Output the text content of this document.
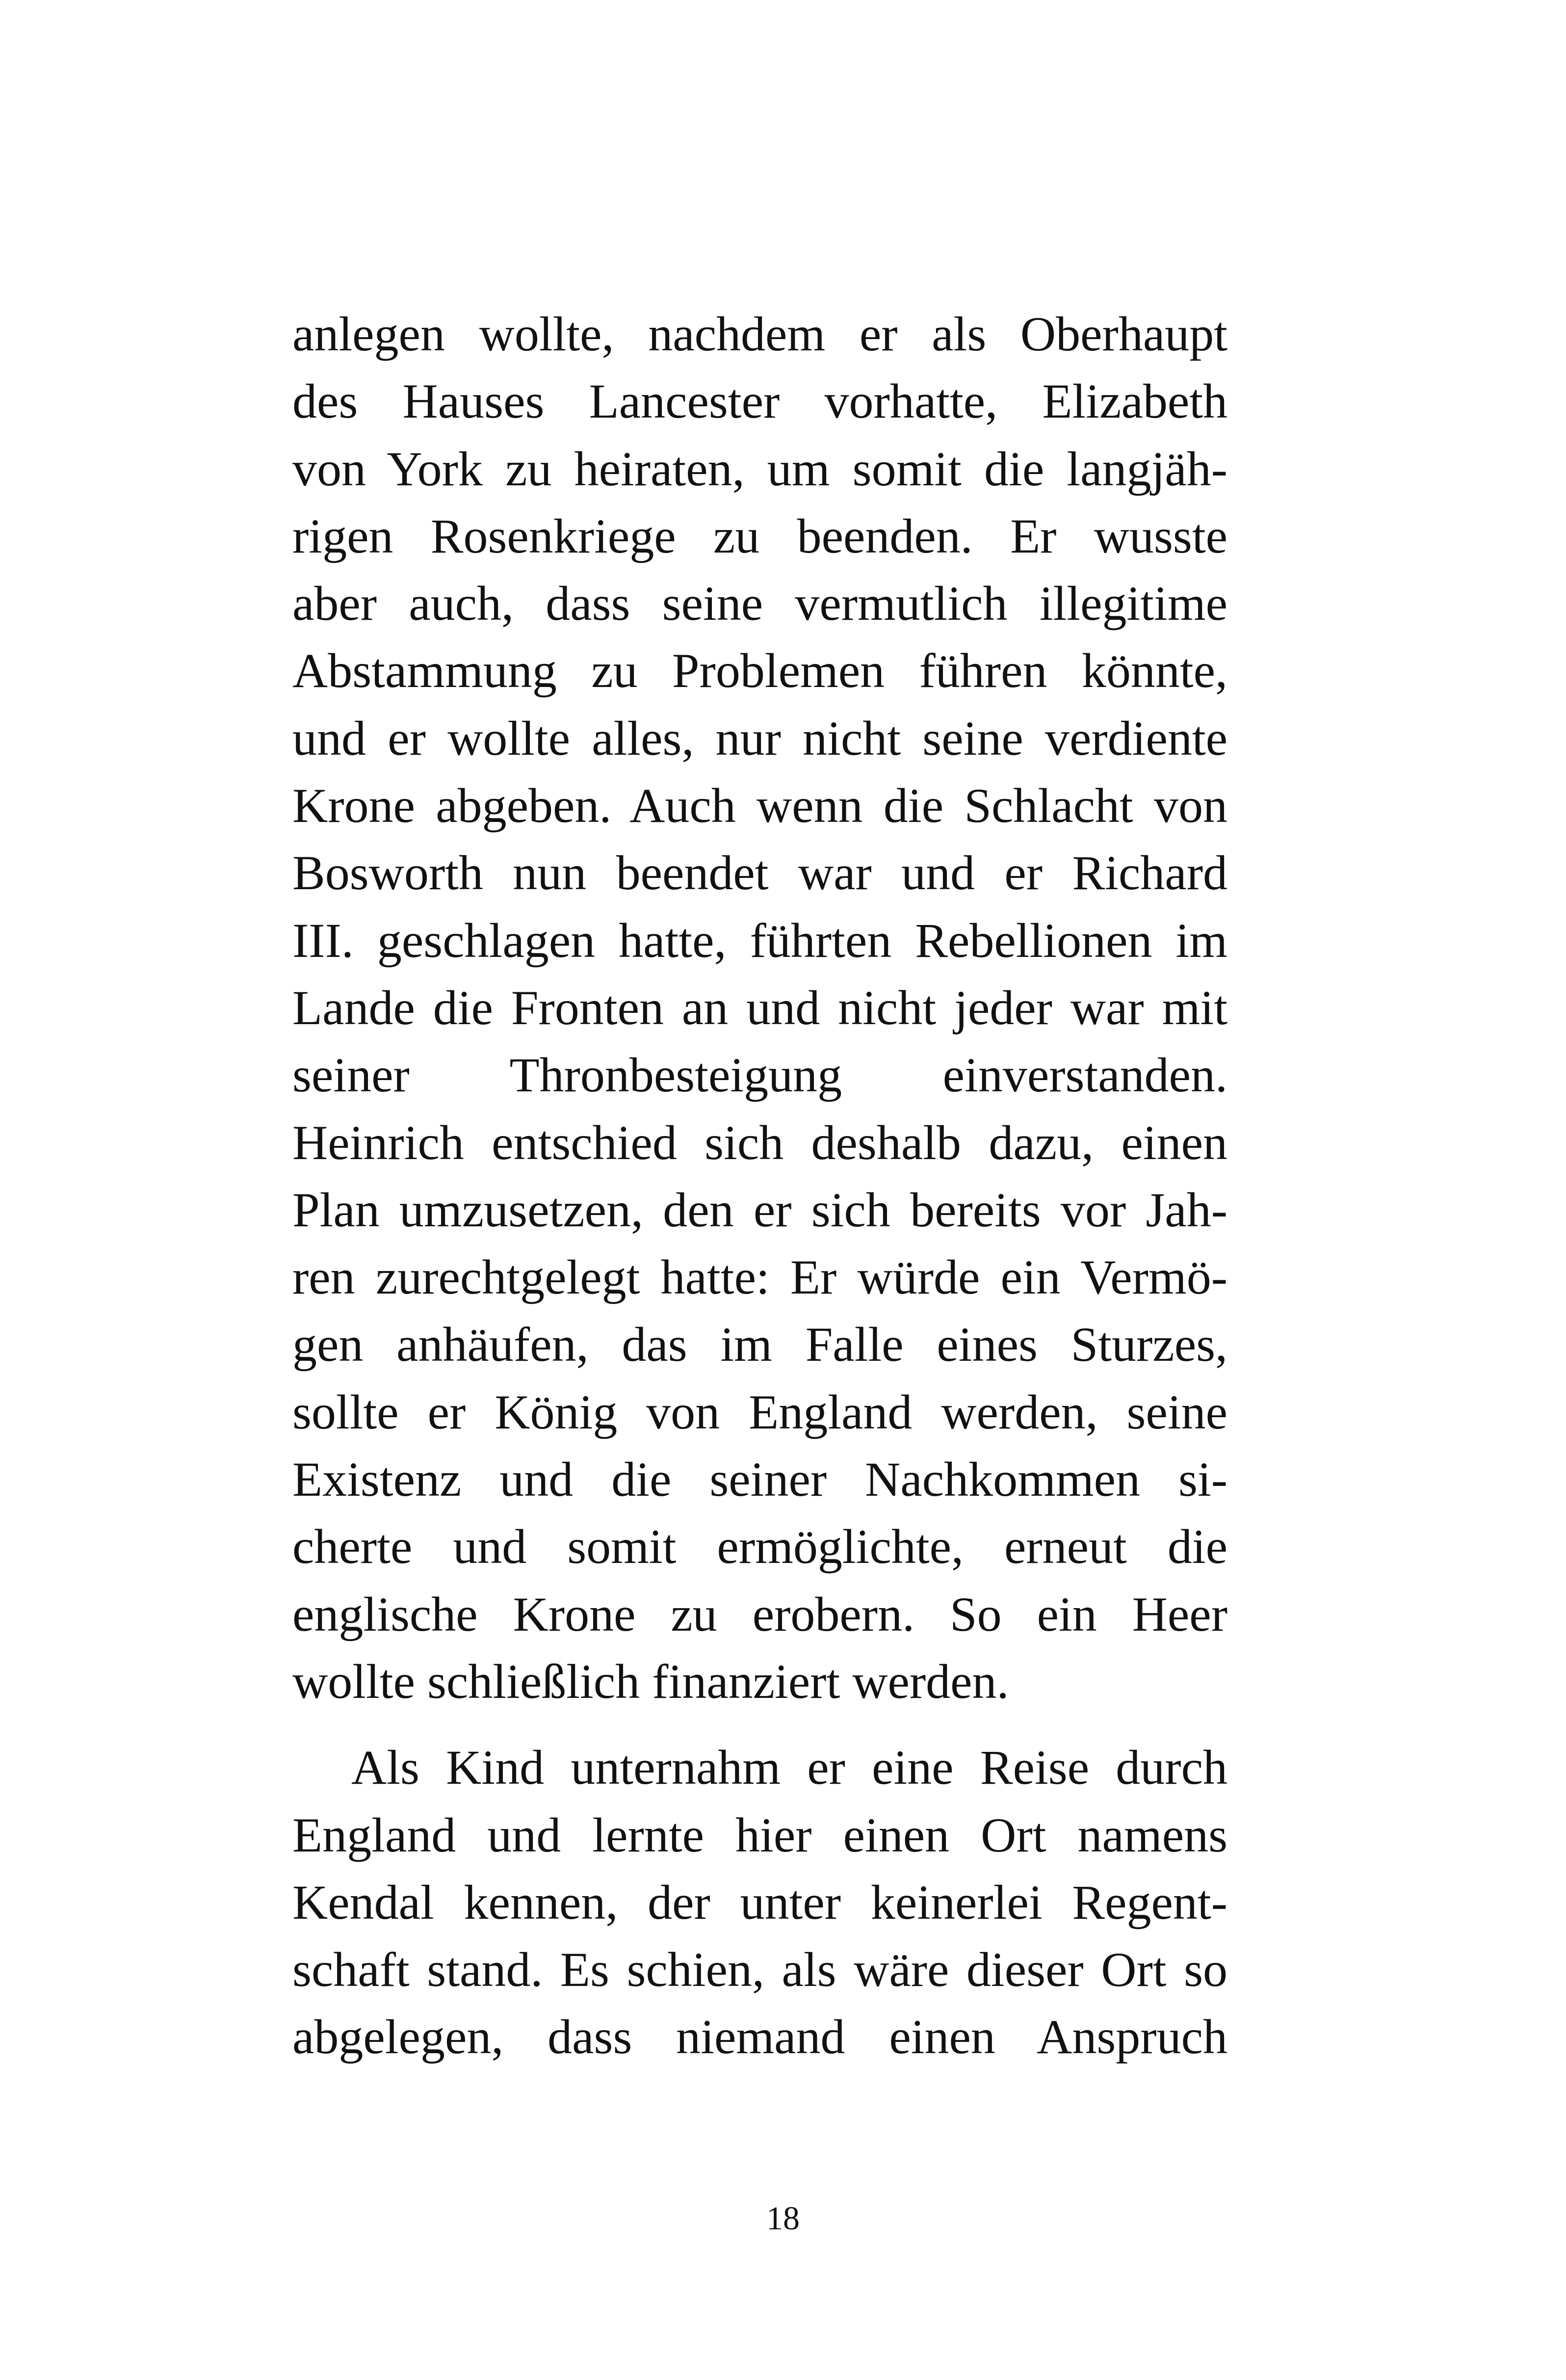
anlegen wollte, nachdem er als Oberhaupt
des Hauses Lancester vorhatte, Elizabeth
von York zu heiraten, um somit die langjäh-
rigen Rosenkriege zu beenden. Er wusste
aber auch, dass seine vermutlich illegitime
Abstammung zu Problemen führen könnte,
und er wollte alles, nur nicht seine verdiente
Krone abgeben. Auch wenn die Schlacht von
Bosworth nun beendet war und er Richard
III. geschlagen hatte, führten Rebellionen im
Lande die Fronten an und nicht jeder war mit
seiner Thronbesteigung einverstanden.
Heinrich entschied sich deshalb dazu, einen
Plan umzusetzen, den er sich bereits vor Jah-
ren zurechtgelegt hatte: Er würde ein Vermö-
gen anhäufen, das im Falle eines Sturzes,
sollte er König von England werden, seine
Existenz und die seiner Nachkommen si-
cherte und somit ermöglichte, erneut die
englische Krone zu erobern. So ein Heer
wollte schließlich finanziert werden.
Als Kind unternahm er eine Reise durch
England und lernte hier einen Ort namens
Kendal kennen, der unter keinerlei Regent-
schaft stand. Es schien, als wäre dieser Ort so
abgelegen, dass niemand einen Anspruch
18
